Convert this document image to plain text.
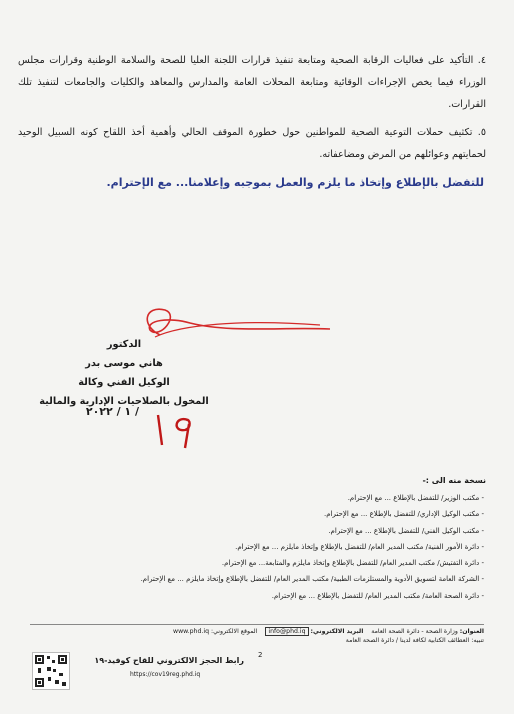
٤. التأكيد على فعاليات الرقابة الصحية ومتابعة تنفيذ قرارات اللجنة العليا للصحة والسلامة الوطنية وقرارات مجلس الوزراء فيما يخص الإجراءات الوقائية ومتابعة المحلات العامة والمدارس والمعاهد والكليات والجامعات لتنفيذ تلك القرارات.

٥. تكثيف حملات التوعية الصحية للمواطنين حول خطورة الموقف الحالي وأهمية أخذ اللقاح كونه السبيل الوحيد لحمايتهم وعوائلهم من المرض ومضاعفاته.

للتفضل بالإطلاع وإتخاذ ما يلزم والعمل بموجبه وإعلامنا... مع الإحترام.
الدكتور
هاني موسى بدر
الوكيل الفني وكالة
المخول بالصلاحيات الإدارية والمالية
/ ١ / ٢٠٢٢	١٩
نسخة منه الى :-
- مكتب الوزير/ للتفضل بالإطلاع ... مع الإحترام.
- مكتب الوكيل الإداري/ للتفضل بالإطلاع ... مع الإحترام.
- مكتب الوكيل الفني/ للتفضل بالإطلاع ... مع الإحترام.
- دائرة الأمور الفنية/ مكتب المدير العام/ للتفضل بالإطلاع وإتخاذ مايلزم ... مع الإحترام.
- دائرة التفتيش/ مكتب المدير العام/ للتفضل بالإطلاع وإتخاذ مايلزم والمتابعة... مع الإحترام.
- الشركة العامة لتسويق الأدوية والمستلزمات الطبية/ مكتب المدير العام/ للتفضل بالإطلاع وإتخاذ مايلزم ... مع الإحترام.
- دائرة الصحة العامة/ مكتب المدير العام/ للتفضل بالإطلاع ... مع الإحترام.
العنوان: وزارة الصحة - دائرة الصحة العامة البريد الالكتروني: info@phd.iq الموقع الالكتروني: www.phd.iq
تنبيه: العطائف الكتابية لكافة لدينا / دائرة الصحة العامة
2
رابط الحجز الالكتروني للقاح كوفيد-١٩
https://cov19reg.phd.iq
